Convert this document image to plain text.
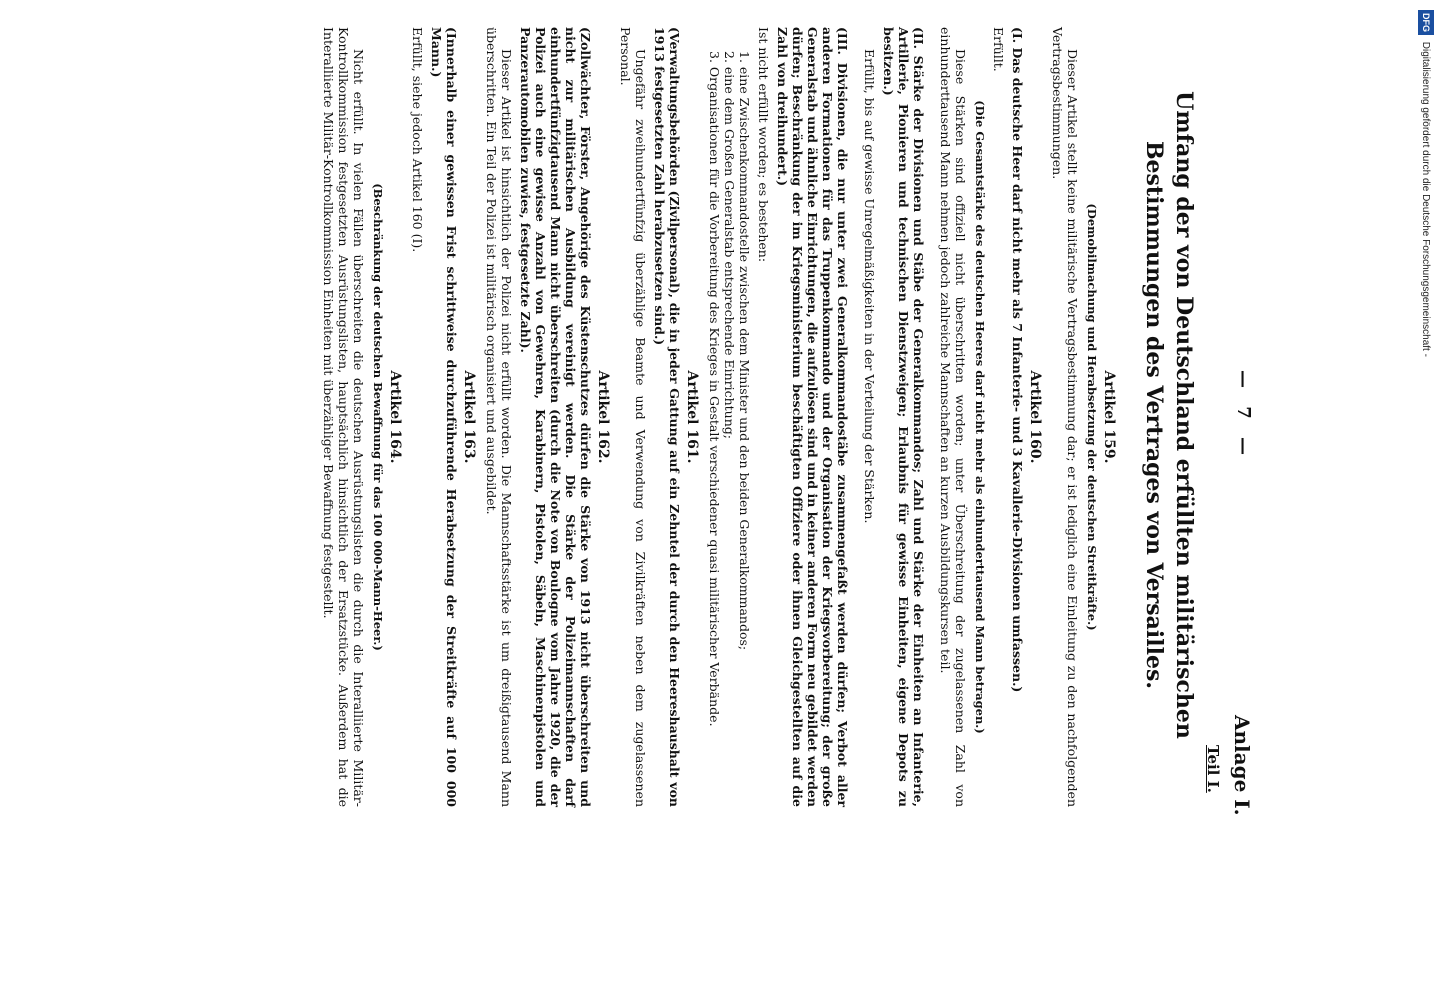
— 7 —
Anlage I.
Teil I.
Umfang der von Deutschland erfüllten militärischen Bestimmungen des Vertrages von Versailles.
Artikel 159.
(Demobilmachung und Herabsetzung der deutschen Streitkräfte.)
Dieser Artikel stellt keine militärische Vertragsbestimmung dar; er ist lediglich eine Einleitung zu den nachfolgenden Vertragsbestimmungen.
Artikel 160.
(I. Das deutsche Heer darf nicht mehr als 7 Infanterie- und 3 Kavallerie-Divisionen umfassen.)
Erfüllt.
(Die Gesamtstärke des deutschen Heeres darf nicht mehr als einhunderttausend Mann betragen.)
Diese Stärken sind offiziell nicht überschritten worden; unter Überschreitung der zugelassenen Zahl von einhunderttausend Mann nehmen jedoch zahlreiche Mannschaften an kurzen Ausbildungskursen teil.
(II. Stärke der Divisionen und Stäbe der Generalkommandos; Zahl und Stärke der Einheiten an Infanterie, Artillerie, Pionieren und technischen Dienstzweigen; Erlaubnis für gewisse Einheiten, eigene Depots zu besitzen.)
Erfüllt, bis auf gewisse Unregelmäßigkeiten in der Verteilung der Stärken.
(III. Divisionen, die nur unter zwei Generalkommandostäbe zusammengefaßt werden dürfen; Verbot aller anderen Formationen für das Truppenkommando und der Organisation der Kriegsvorbereitung; der große Generalstab und ähnliche Einrichtungen, die aufzulösen sind und in keiner anderen Form neu gebildet werden dürfen; Beschränkung der im Kriegsministerium beschäftigten Offiziere oder ihnen Gleichgestellten auf die Zahl von dreihundert.)
Ist nicht erfüllt worden; es bestehen:
1. eine Zwischenkommandostelle zwischen dem Minister und den beiden Generalkommandos;
2. eine dem Großen Generalstab entsprechende Einrichtung;
3. Organisationen für die Vorbereitung des Krieges in Gestalt verschiedener quasi militärischer Verbände.
Artikel 161.
(Verwaltungsbehörden (Zivilpersonal), die in jeder Gattung auf ein Zehntel der durch den Heereshaushalt von 1913 festgesetzten Zahl herabzusetzen sind.)
Ungefähr zweihundertfünfzig überzählige Beamte und Verwendung von Zivilkräften neben dem zugelassenen Personal.
Artikel 162.
(Zollwächter, Förster, Angehörige des Küstenschutzes dürfen die Stärke von 1913 nicht überschreiten und nicht zur militärischen Ausbildung vereinigt werden. Die Stärke der Polizeimannschaften darf einhundertfünfzigtausend Mann nicht überschreiten (durch die Note von Boulogne vom Jahre 1920, die der Polizei auch eine gewisse Anzahl von Gewehren, Karabinern, Pistolen, Säbeln, Maschinenpistolen und Panzerautomobilen zuwies, festgesetzte Zahl).
Dieser Artikel ist hinsichtlich der Polizei nicht erfüllt worden. Die Mannschaftsstärke ist um dreißigtausend Mann überschritten. Ein Teil der Polizei ist militärisch organisiert und ausgebildet.
Artikel 163.
(Innerhalb einer gewissen Frist schrittweise durchzuführende Herabsetzung der Streitkräfte auf 100 000 Mann.)
Erfüllt, siehe jedoch Artikel 160 (I).
Artikel 164.
(Beschränkung der deutschen Bewaffnung für das 100 000-Mann-Heer.)
Nicht erfüllt. In vielen Fällen überschreiten die deutschen Ausrüstungslisten die durch die Interalliierte Militär-Kontrollkommission festgesetzten Ausrüstungslisten, hauptsächlich hinsichtlich der Ersatzstücke. Außerdem hat die Interalliierte Militär-Kontrollkommission Einheiten mit überzähliger Bewaffnung festgestellt.
DFG Digitalisierung gefördert durch die Deutsche Forschungsgemeinschaft -
